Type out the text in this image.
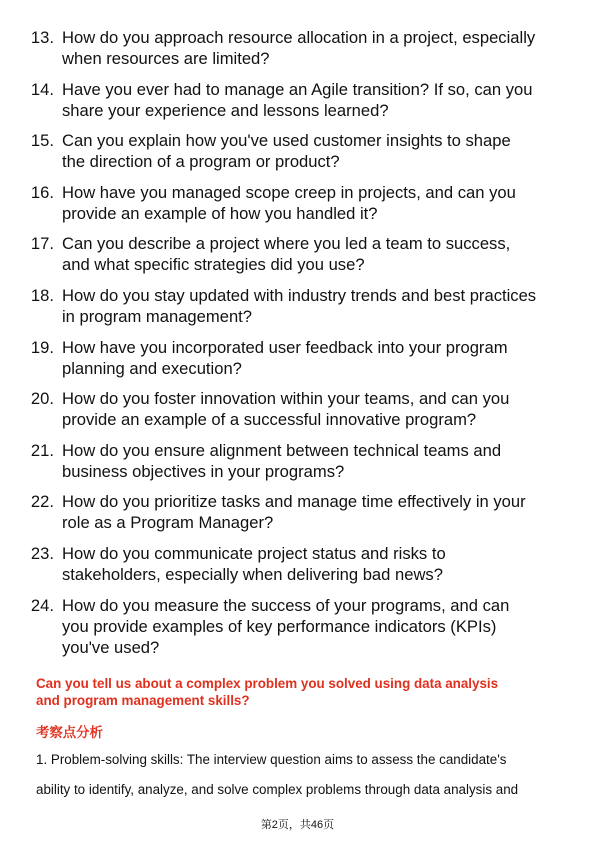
13. How do you approach resource allocation in a project, especially
when resources are limited?
14. Have you ever had to manage an Agile transition? If so, can you
share your experience and lessons learned?
15. Can you explain how you've used customer insights to shape
the direction of a program or product?
16. How have you managed scope creep in projects, and can you
provide an example of how you handled it?
17. Can you describe a project where you led a team to success,
and what specific strategies did you use?
18. How do you stay updated with industry trends and best practices
in program management?
19. How have you incorporated user feedback into your program
planning and execution?
20. How do you foster innovation within your teams, and can you
provide an example of a successful innovative program?
21. How do you ensure alignment between technical teams and
business objectives in your programs?
22. How do you prioritize tasks and manage time effectively in your
role as a Program Manager?
23. How do you communicate project status and risks to
stakeholders, especially when delivering bad news?
24. How do you measure the success of your programs, and can
you provide examples of key performance indicators (KPIs)
you've used?
Can you tell us about a complex problem you solved using data analysis
and program management skills?
考察点分析
1. Problem-solving skills: The interview question aims to assess the candidate's
ability to identify, analyze, and solve complex problems through data analysis and
第2页，共46页
